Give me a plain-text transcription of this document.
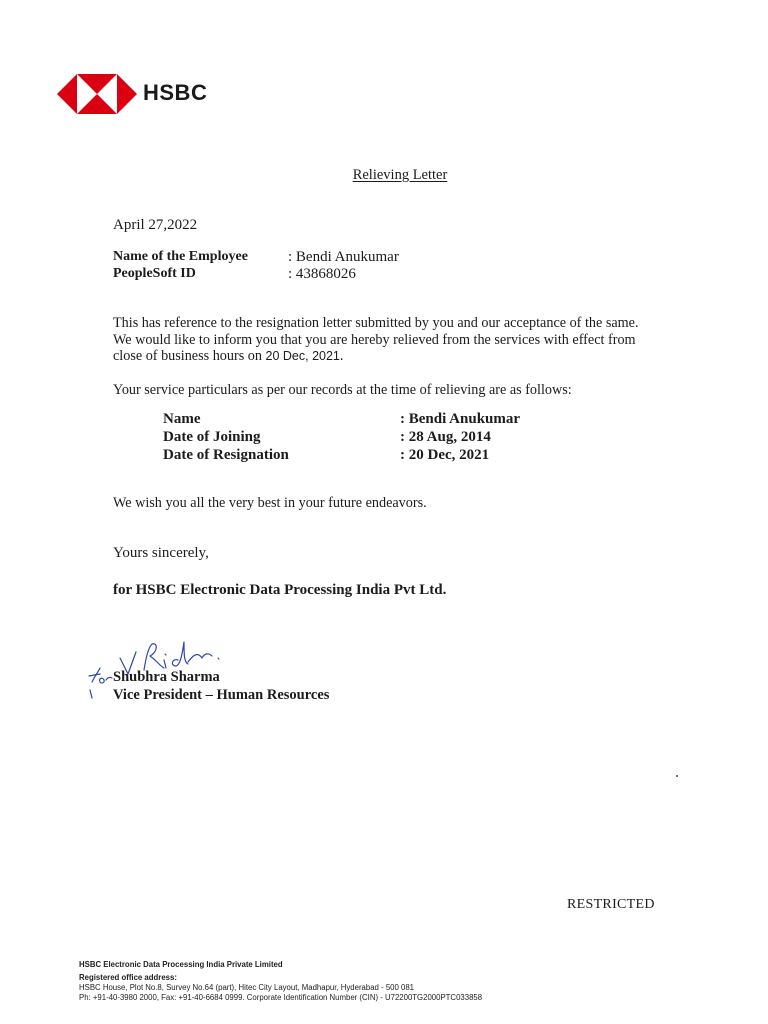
HSBC
Relieving Letter
April 27,2022
Name of the Employee	: Bendi Anukumar
PeopleSoft ID	: 43868026
This has reference to the resignation letter submitted by you and our acceptance of the same.
We would like to inform you that you are hereby relieved from the services with effect from
close of business hours on 20 Dec, 2021.
Your service particulars as per our records at the time of relieving are as follows:
Name	: Bendi Anukumar
Date of Joining	: 28 Aug, 2014
Date of Resignation	: 20 Dec, 2021
We wish you all the very best in your future endeavors.
Yours sincerely,
for HSBC Electronic Data Processing India Pvt Ltd.
Shubhra Sharma
Vice President – Human Resources
RESTRICTED
HSBC Electronic Data Processing India Private Limited
Registered office address:
HSBC House, Plot No.8, Survey No.64 (part), Hitec City Layout, Madhapur, Hyderabad - 500 081
Ph: +91-40-3980 2000, Fax: +91-40-6684 0999. Corporate Identification Number (CIN) - U72200TG2000PTC033858
